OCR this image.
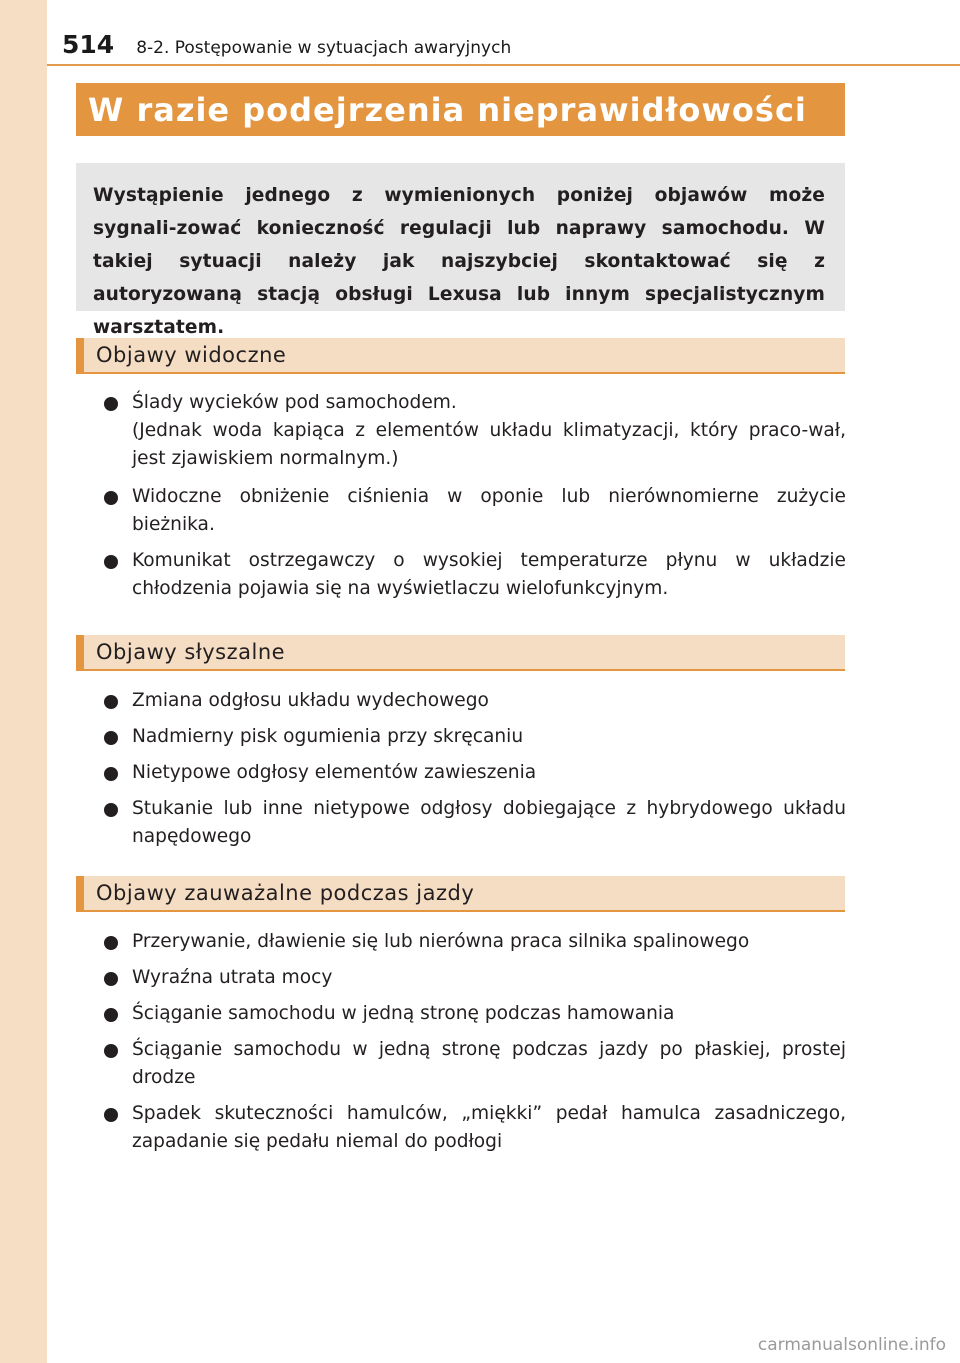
514 8-2. Postępowanie w sytuacjach awaryjnych
W razie podejrzenia nieprawidłowości

Wystąpienie jednego z wymienionych poniżej objawów może sygnali-zować konieczność regulacji lub naprawy samochodu. W takiej sytuacji należy jak najszybciej skontaktować się z autoryzowaną stacją obsługi Lexusa lub innym specjalistycznym warsztatem.

Objawy widoczne
Ślady wycieków pod samochodem.
(Jednak woda kapiąca z elementów układu klimatyzacji, który praco-wał, jest zjawiskiem normalnym.)
Widoczne obniżenie ciśnienia w oponie lub nierównomierne zużycie bieżnika.
Komunikat ostrzegawczy o wysokiej temperaturze płynu w układzie chłodzenia pojawia się na wyświetlaczu wielofunkcyjnym.
Objawy słyszalne
Zmiana odgłosu układu wydechowego
Nadmierny pisk ogumienia przy skręcaniu
Nietypowe odgłosy elementów zawieszenia
Stukanie lub inne nietypowe odgłosy dobiegające z hybrydowego układu napędowego
Objawy zauważalne podczas jazdy
Przerywanie, dławienie się lub nierówna praca silnika spalinowego
Wyraźna utrata mocy
Ściąganie samochodu w jedną stronę podczas hamowania
Ściąganie samochodu w jedną stronę podczas jazdy po płaskiej, prostej drodze
Spadek skuteczności hamulców, „miękki” pedał hamulca zasadniczego, zapadanie się pedału niemal do podłogi
carmanualsonline.info
